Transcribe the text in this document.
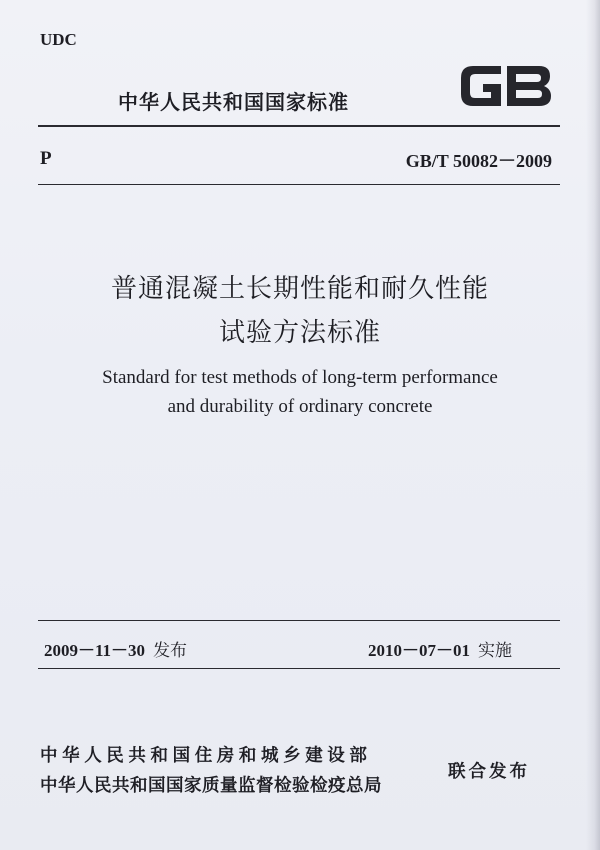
UDC
中华人民共和国国家标准
P	GB/T 50082－2009
普通混凝土长期性能和耐久性能
试验方法标准
Standard for test methods of long-term performance
and durability of ordinary concrete
2009－11－30 发布	2010－07－01 实施
中华人民共和国住房和城乡建设部
中华人民共和国国家质量监督检验检疫总局
联合发布
